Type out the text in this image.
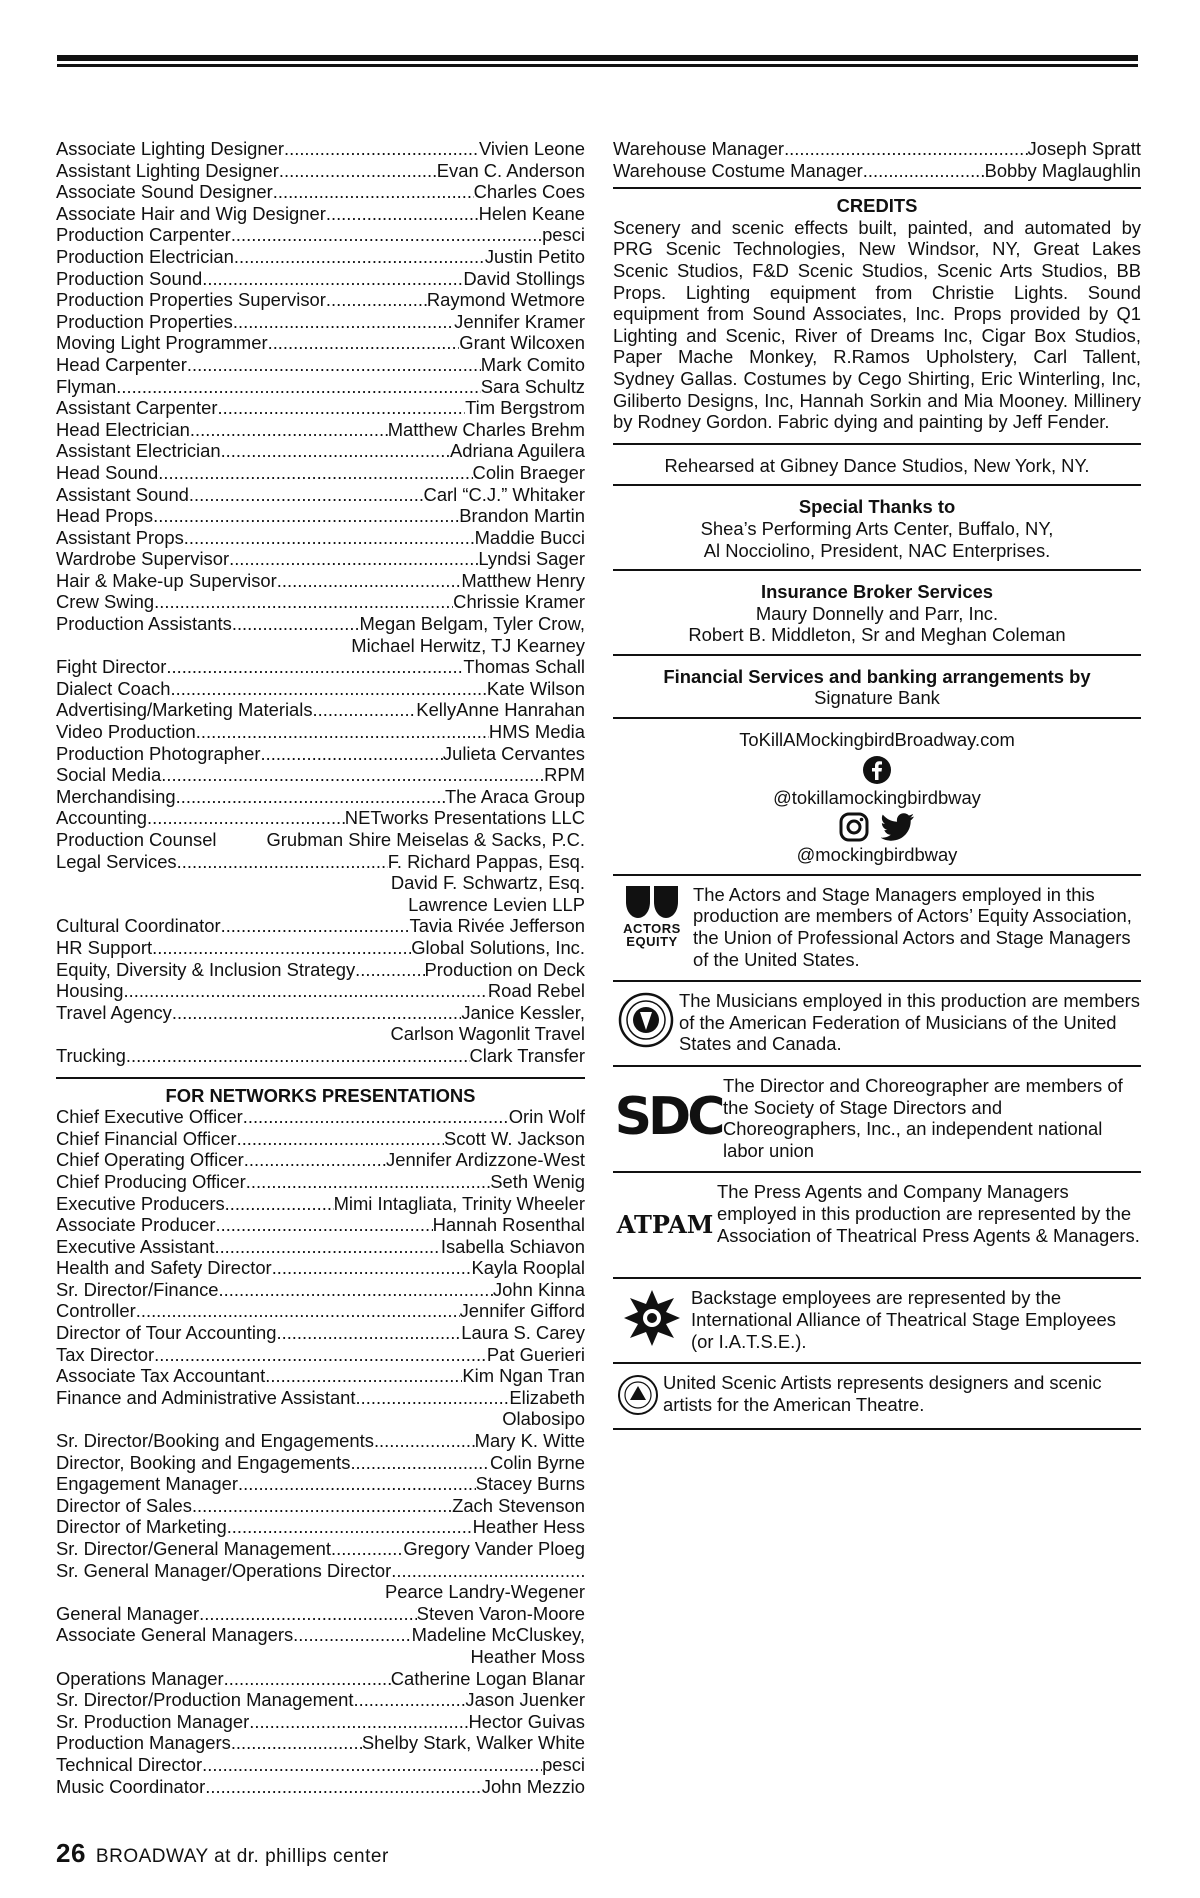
Associate Lighting Designer .....	Vivien Leone
Assistant Lighting Designer .....	Evan C. Anderson
Associate Sound Designer .....	Charles Coes
Associate Hair and Wig Designer .....	Helen Keane
Production Carpenter .....	pesci
Production Electrician .....	Justin Petito
Production Sound .....	David Stollings
Production Properties Supervisor .....	Raymond Wetmore
Production Properties .....	Jennifer Kramer
Moving Light Programmer .....	Grant Wilcoxen
Head Carpenter .....	Mark Comito
Flyman .....	Sara Schultz
Assistant Carpenter .....	Tim Bergstrom
Head Electrician .....	Matthew Charles Brehm
Assistant Electrician .....	Adriana Aguilera
Head Sound .....	Colin Braeger
Assistant Sound .....	Carl “C.J.” Whitaker
Head Props .....	Brandon Martin
Assistant Props .....	Maddie Bucci
Wardrobe Supervisor .....	Lyndsi Sager
Hair & Make-up Supervisor .....	Matthew Henry
Crew Swing .....	Chrissie Kramer
Production Assistants .....	Megan Belgam, Tyler Crow,
Michael Herwitz, TJ Kearney
Fight Director .....	Thomas Schall
Dialect Coach .....	Kate Wilson
Advertising/Marketing Materials .....	KellyAnne Hanrahan
Video Production .....	HMS Media
Production Photographer .....	Julieta Cervantes
Social Media .....	RPM
Merchandising .....	The Araca Group
Accounting .....	NETworks Presentations LLC
Production Counsel	Grubman Shire Meiselas & Sacks, P.C.
Legal Services .....	F. Richard Pappas, Esq.
David F. Schwartz, Esq.
Lawrence Levien LLP
Cultural Coordinator .....	Tavia Rivée Jefferson
HR Support .....	Global Solutions, Inc.
Equity, Diversity & Inclusion Strategy .....	Production on Deck
Housing .....	Road Rebel
Travel Agency .....	Janice Kessler,
Carlson Wagonlit Travel
Trucking .....	Clark Transfer
FOR NETWORKS PRESENTATIONS
Chief Executive Officer .....	Orin Wolf
Chief Financial Officer .....	Scott W. Jackson
Chief Operating Officer .....	Jennifer Ardizzone-West
Chief Producing Officer .....	Seth Wenig
Executive Producers .....	Mimi Intagliata, Trinity Wheeler
Associate Producer .....	Hannah Rosenthal
Executive Assistant .....	Isabella Schiavon
Health and Safety Director .....	Kayla Rooplal
Sr. Director/Finance .....	John Kinna
Controller .....	Jennifer Gifford
Director of Tour Accounting .....	Laura S. Carey
Tax Director .....	Pat Guerieri
Associate Tax Accountant .....	Kim Ngan Tran
Finance and Administrative Assistant .....	Elizabeth
Olabosipo
Sr. Director/Booking and Engagements .....	Mary K. Witte
Director, Booking and Engagements .....	Colin Byrne
Engagement Manager .....	Stacey Burns
Director of Sales .....	Zach Stevenson
Director of Marketing .....	Heather Hess
Sr. Director/General Management .....	Gregory Vander Ploeg
Sr. General Manager/Operations Director
.....
Pearce Landry-Wegener
General Manager .....	Steven Varon-Moore
Associate General Managers .....	Madeline McCluskey,
Heather Moss
Operations Manager .....	Catherine Logan Blanar
Sr. Director/Production Management .....	Jason Juenker
Sr. Production Manager .....	Hector Guivas
Production Managers .....	Shelby Stark, Walker White
Technical Director .....	pesci
Music Coordinator .....	John Mezzio
Warehouse Manager .....	Joseph Spratt
Warehouse Costume Manager .....	Bobby Maglaughlin
CREDITS
Scenery and scenic effects built, painted, and automated by PRG Scenic Technologies, New Windsor, NY, Great Lakes Scenic Studios, F&D Scenic Studios, Scenic Arts Studios, BB Props. Lighting equipment from Christie Lights. Sound equipment from Sound Associates, Inc. Props provided by Q1 Lighting and Scenic, River of Dreams Inc, Cigar Box Studios, Paper Mache Monkey, R.Ramos Upholstery, Carl Tallent, Sydney Gallas. Costumes by Cego Shirting, Eric Winterling, Inc, Giliberto Designs, Inc, Hannah Sorkin and Mia Mooney. Millinery by Rodney Gordon. Fabric dying and painting by Jeff Fender.
Rehearsed at Gibney Dance Studios, New York, NY.
Special Thanks to
Shea’s Performing Arts Center, Buffalo, NY,
Al Nocciolino, President, NAC Enterprises.
Insurance Broker Services
Maury Donnelly and Parr, Inc.
Robert B. Middleton, Sr and Meghan Coleman
Financial Services and banking arrangements by
Signature Bank
ToKillAMockingbirdBroadway.com
@tokillamockingbirdbway
@mockingbirdbway
ACTORS
EQUITY
The Actors and Stage Managers employed in this production are members of Actors’ Equity Association, the Union of Professional Actors and Stage Managers of the United States.
The Musicians employed in this production are members of the American Federation of Musicians of the United States and Canada.
SDC
The Director and Choreographer are members of the Society of Stage Directors and Choreographers, Inc., an independent national labor union
ATPAM
The Press Agents and Company Managers employed in this production are represented by the Association of Theatrical Press Agents & Managers.
Backstage employees are represented by the International Alliance of Theatrical Stage Employees (or I.A.T.S.E.).
United Scenic Artists represents designers and scenic artists for the American Theatre.
26 BROADWAY at dr. phillips center
